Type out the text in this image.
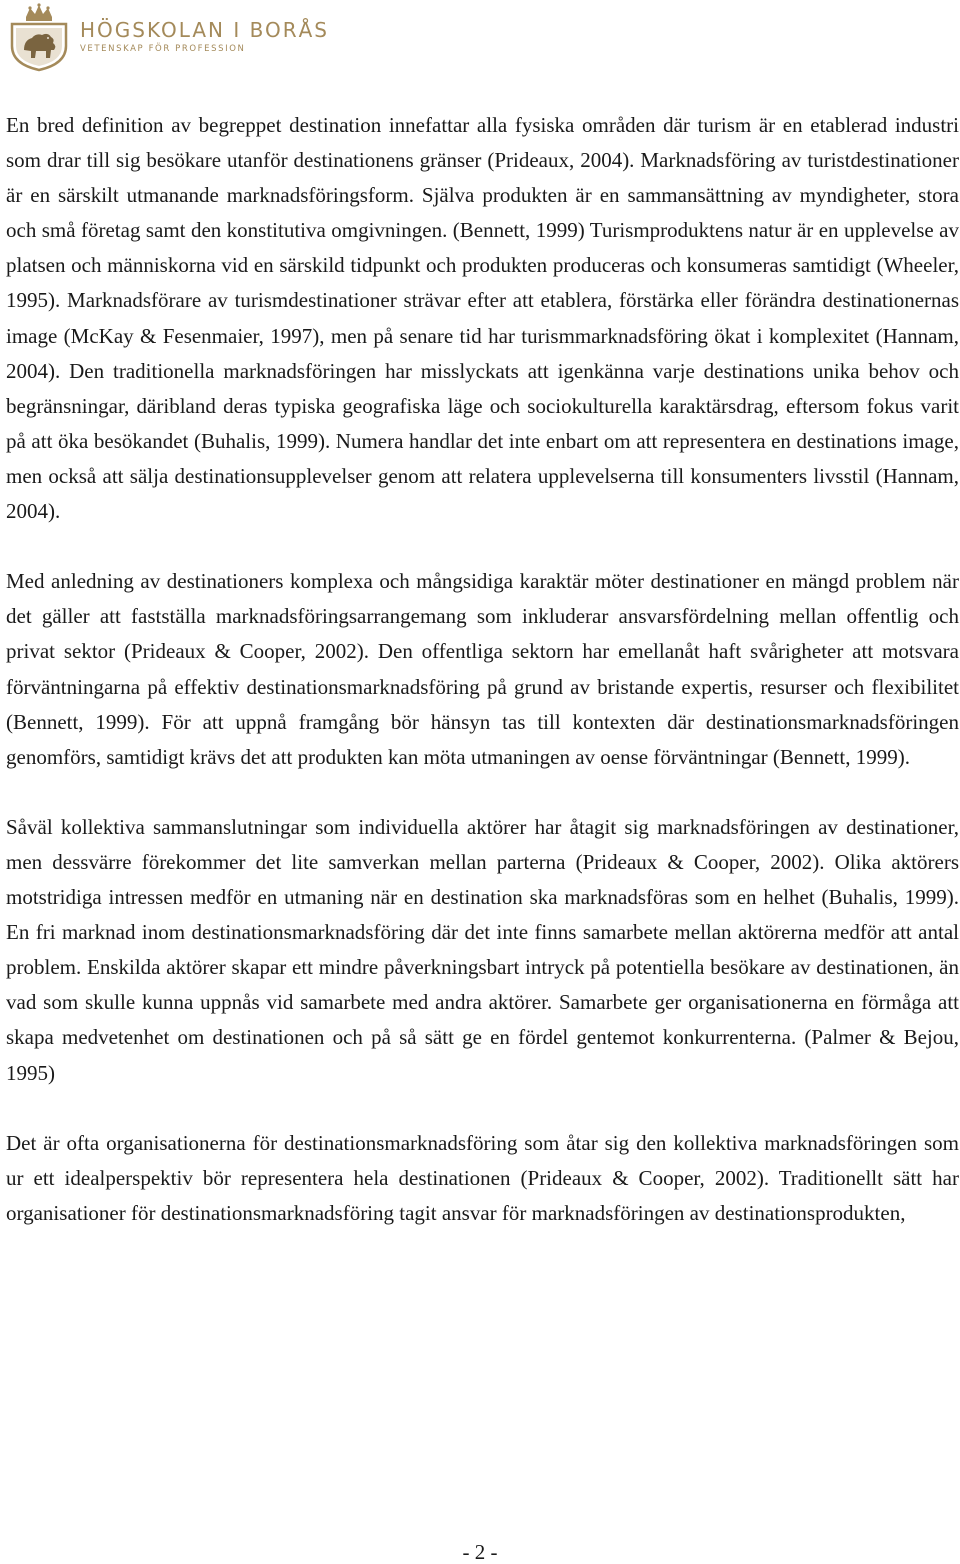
HÖGSKOLAN I BORÅS
VETENSKAP FÖR PROFESSION

En bred definition av begreppet destination innefattar alla fysiska områden där turism är en etablerad industri som drar till sig besökare utanför destinationens gränser (Prideaux, 2004). Marknadsföring av turistdestinationer är en särskilt utmanande marknadsföringsform. Själva produkten är en sammansättning av myndigheter, stora och små företag samt den konstitutiva omgivningen. (Bennett, 1999) Turismproduktens natur är en upplevelse av platsen och människorna vid en särskild tidpunkt och produkten produceras och konsumeras samtidigt (Wheeler, 1995). Marknadsförare av turismdestinationer strävar efter att etablera, förstärka eller förändra destinationernas image (McKay & Fesenmaier, 1997), men på senare tid har turismmarknadsföring ökat i komplexitet (Hannam, 2004). Den traditionella marknadsföringen har misslyckats att igenkänna varje destinations unika behov och begränsningar, däribland deras typiska geografiska läge och sociokulturella karaktärsdrag, eftersom fokus varit på att öka besökandet (Buhalis, 1999). Numera handlar det inte enbart om att representera en destinations image, men också att sälja destinationsupplevelser genom att relatera upplevelserna till konsumenters livsstil (Hannam, 2004).

Med anledning av destinationers komplexa och mångsidiga karaktär möter destinationer en mängd problem när det gäller att fastställa marknadsföringsarrangemang som inkluderar ansvarsfördelning mellan offentlig och privat sektor (Prideaux & Cooper, 2002). Den offentliga sektorn har emellanåt haft svårigheter att motsvara förväntningarna på effektiv destinationsmarknadsföring på grund av bristande expertis, resurser och flexibilitet (Bennett, 1999). För att uppnå framgång bör hänsyn tas till kontexten där destinationsmarknadsföringen genomförs, samtidigt krävs det att produkten kan möta utmaningen av oense förväntningar (Bennett, 1999).

Såväl kollektiva sammanslutningar som individuella aktörer har åtagit sig marknadsföringen av destinationer, men dessvärre förekommer det lite samverkan mellan parterna (Prideaux & Cooper, 2002). Olika aktörers motstridiga intressen medför en utmaning när en destination ska marknadsföras som en helhet (Buhalis, 1999). En fri marknad inom destinationsmarknadsföring där det inte finns samarbete mellan aktörerna medför att antal problem. Enskilda aktörer skapar ett mindre påverkningsbart intryck på potentiella besökare av destinationen, än vad som skulle kunna uppnås vid samarbete med andra aktörer. Samarbete ger organisationerna en förmåga att skapa medvetenhet om destinationen och på så sätt ge en fördel gentemot konkurrenterna. (Palmer & Bejou, 1995)

Det är ofta organisationerna för destinationsmarknadsföring som åtar sig den kollektiva marknadsföringen som ur ett idealperspektiv bör representera hela destinationen (Prideaux & Cooper, 2002). Traditionellt sätt har organisationer för destinationsmarknadsföring tagit ansvar för marknadsföringen av destinationsprodukten,

- 2 -
